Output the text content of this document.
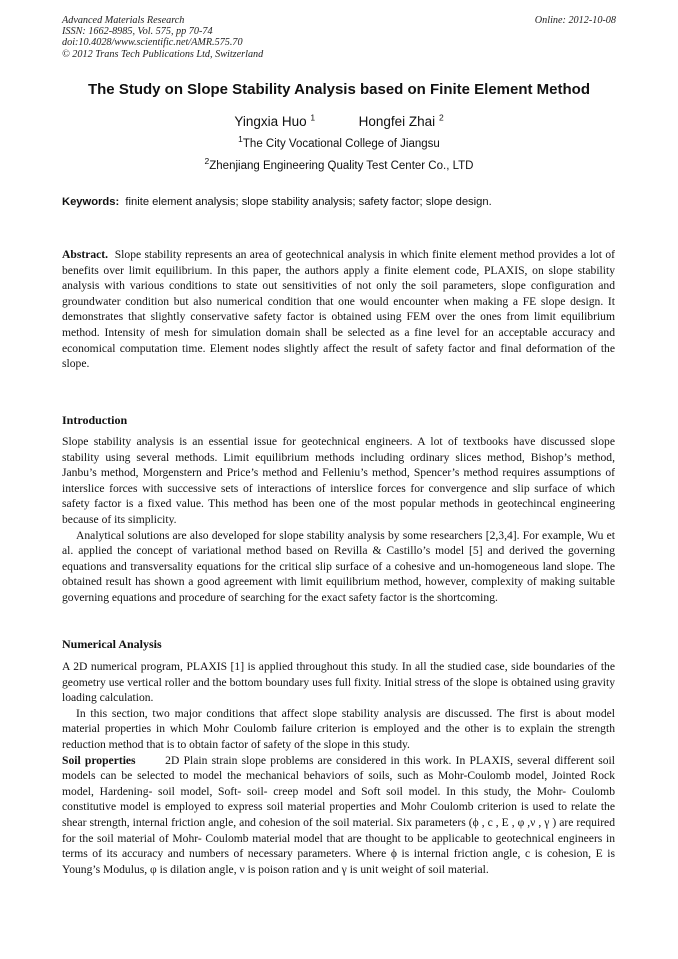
Advanced Materials Research
ISSN: 1662-8985, Vol. 575, pp 70-74
doi:10.4028/www.scientific.net/AMR.575.70
© 2012 Trans Tech Publications Ltd, Switzerland
Online: 2012-10-08
The Study on Slope Stability Analysis based on Finite Element Method
Yingxia Huo $^1$	Hongfei Zhai $^2$
$^1$The City Vocational College of Jiangsu
$^2$Zhenjiang Engineering Quality Test Center Co., LTD
Keywords: finite element analysis; slope stability analysis; safety factor; slope design.

Abstract. Slope stability represents an area of geotechnical analysis in which finite element method provides a lot of benefits over limit equilibrium. In this paper, the authors apply a finite element code, PLAXIS, on slope stability analysis with various conditions to state out sensitivities of not only the soil parameters, slope configuration and groundwater condition but also numerical condition that one would encounter when making a FE slope design. It demonstrates that slightly conservative safety factor is obtained using FEM over the ones from limit equilibrium method. Intensity of mesh for simulation domain shall be selected as a fine level for an acceptable accuracy and economical computation time. Element nodes slightly affect the result of safety factor and final deformation of the slope.

Introduction

Slope stability analysis is an essential issue for geotechnical engineers. A lot of textbooks have discussed slope stability using several methods. Limit equilibrium methods including ordinary slices method, Bishop’s method, Janbu’s method, Morgenstern and Price’s method and Felleniu’s method, Spencer’s method requires assumptions of interslice forces with successive sets of interactions of interslice forces for convergence and slip surface of which safety factor is a fixed value. This method has been one of the most popular methods in geotechincal engineering because of its simplicity.

Analytical solutions are also developed for slope stability analysis by some researchers [2,3,4]. For example, Wu et al. applied the concept of variational method based on Revilla & Castillo’s model [5] and derived the governing equations and transversality equations for the critical slip surface of a cohesive and un-homogeneous land slope. The obtained result has shown a good agreement with limit equilibrium method, however, complexity of making suitable governing equations and procedure of searching for the exact safety factor is the shortcoming.

Numerical Analysis

A 2D numerical program, PLAXIS [1] is applied throughout this study. In all the studied case, side boundaries of the geometry use vertical roller and the bottom boundary uses full fixity. Initial stress of the slope is obtained using gravity loading calculation.

In this section, two major conditions that affect slope stability analysis are discussed. The first is about model material properties in which Mohr Coulomb failure criterion is employed and the other is to explain the strength reduction method that is to obtain factor of safety of the slope in this study.

Soil properties	2D Plain strain slope problems are considered in this work. In PLAXIS, several different soil models can be selected to model the mechanical behaviors of soils, such as Mohr-Coulomb model, Jointed Rock model, Hardening- soil model, Soft- soil- creep model and Soft soil model. In this study, the Mohr- Coulomb constitutive model is employed to express soil material properties and Mohr Coulomb criterion is used to relate the shear strength, internal friction angle, and cohesion of the soil material. Six parameters (ϕ , c , E , φ ,ν , γ ) are required for the soil material of Mohr- Coulomb material model that are thought to be applicable to geotechnical engineers in terms of its accuracy and numbers of necessary parameters. Where ϕ is internal friction angle, c is cohesion, E is Young’s Modulus, φ is dilation angle, ν is poison ration and γ is unit weight of soil material.
